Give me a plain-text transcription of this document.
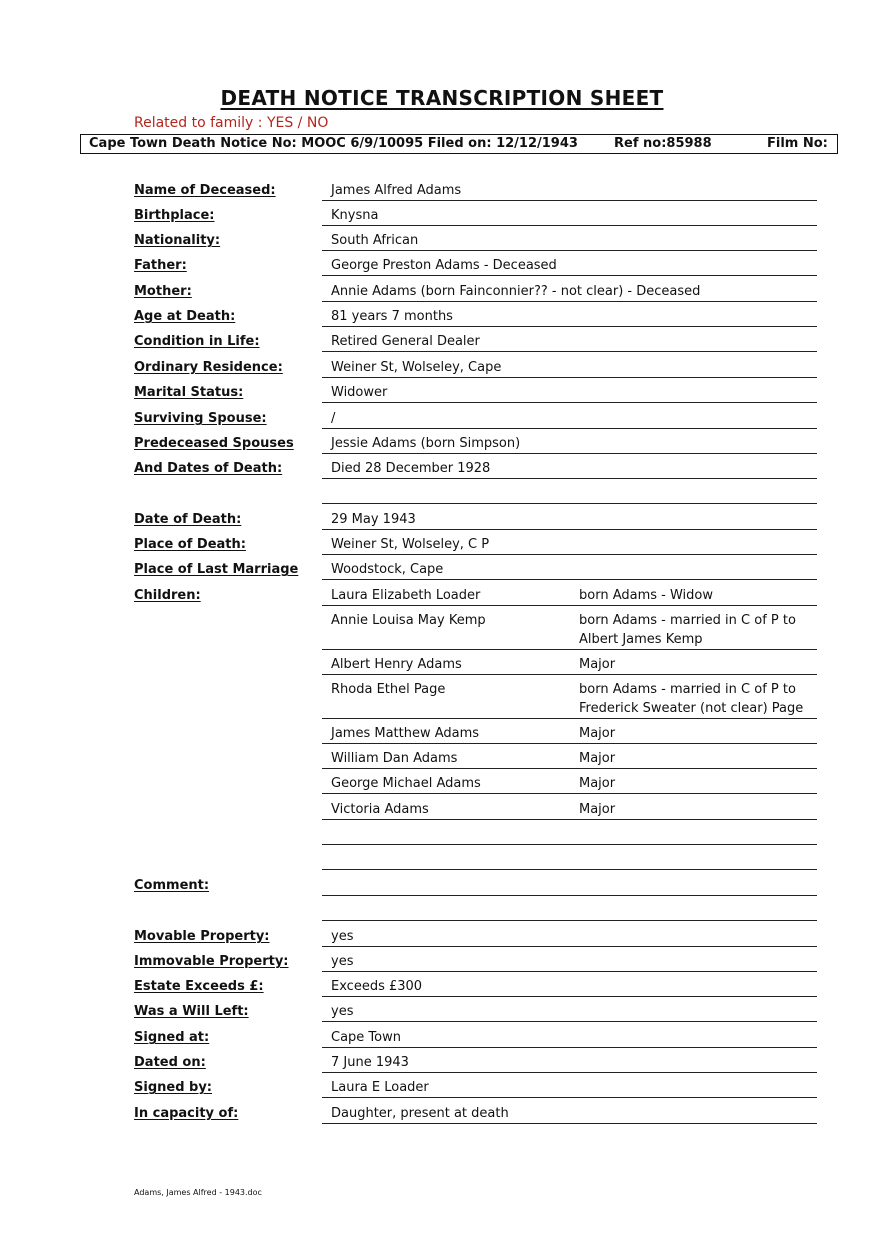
DEATH NOTICE TRANSCRIPTION SHEET
Related to family : YES / NO
Cape Town Death Notice No: MOOC 6/9/10095 Filed on: 12/12/1943	Ref no:85988	Film No:
Name of Deceased:	James Alfred Adams
Birthplace:	Knysna
Nationality:	South African
Father:	George Preston Adams - Deceased
Mother:	Annie Adams (born Fainconnier?? - not clear) - Deceased
Age at Death:	81 years 7 months
Condition in Life:	Retired General Dealer
Ordinary Residence:	Weiner St, Wolseley, Cape
Marital Status:	Widower
Surviving Spouse:	/
Predeceased Spouses	Jessie Adams (born Simpson)
And Dates of Death:	Died 28 December 1928
Date of Death:	29 May 1943
Place of Death:	Weiner St, Wolseley, C P
Place of Last Marriage	Woodstock, Cape
Children:	Laura Elizabeth Loader	born Adams - Widow
Annie Louisa May Kemp	born Adams - married in C of P to
Albert James Kemp
Albert Henry Adams	Major
Rhoda Ethel Page	born Adams - married in C of P to
Frederick Sweater (not clear) Page
James Matthew Adams	Major
William Dan Adams	Major
George Michael Adams	Major
Victoria Adams	Major
Comment:
Movable Property:	yes
Immovable Property:	yes
Estate Exceeds £:	Exceeds £300
Was a Will Left:	yes
Signed at:	Cape Town
Dated on:	7 June 1943
Signed by:	Laura E Loader
In capacity of:	Daughter, present at death
Adams, James Alfred - 1943.doc
